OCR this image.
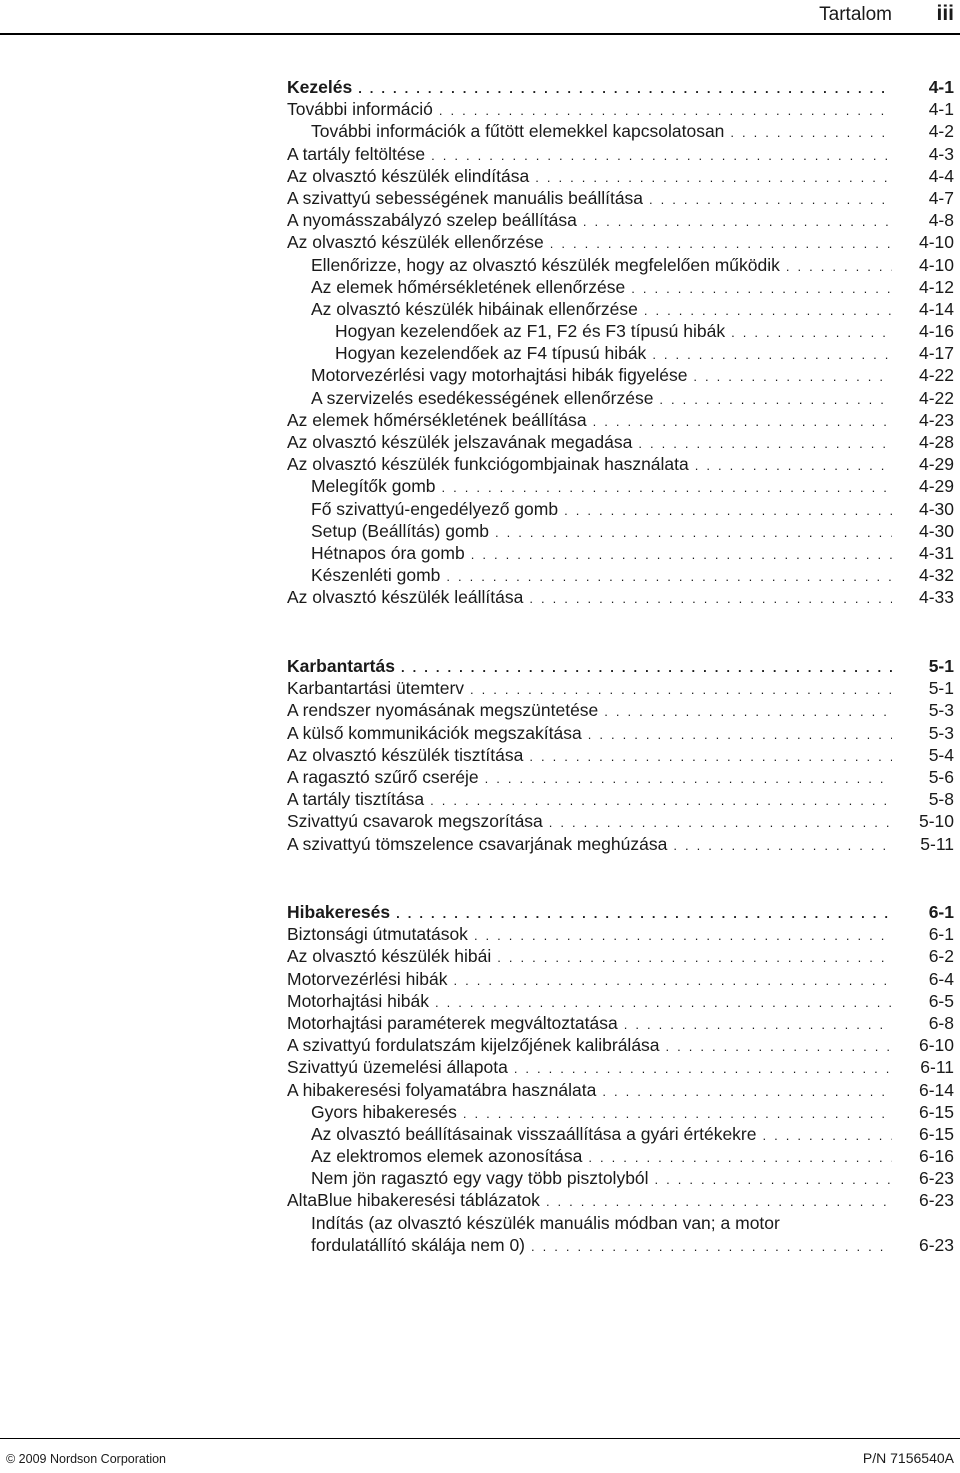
Tartalom iii
Kezelés . . .	4-1
További információ . . .	4-1
További információk a fűtött elemekkel kapcsolatosan . . .	4-2
A tartály feltöltése . . .	4-3
Az olvasztó készülék elindítása . . .	4-4
A szivattyú sebességének manuális beállítása . . .	4-7
A nyomásszabályzó szelep beállítása . . .	4-8
Az olvasztó készülék ellenőrzése . . .	4-10
Ellenőrizze, hogy az olvasztó készülék megfelelően működik . . .	4-10
Az elemek hőmérsékletének ellenőrzése . . .	4-12
Az olvasztó készülék hibáinak ellenőrzése . . .	4-14
Hogyan kezelendőek az F1, F2 és F3 típusú hibák . . .	4-16
Hogyan kezelendőek az F4 típusú hibák . . .	4-17
Motorvezérlési vagy motorhajtási hibák figyelése . . .	4-22
A szervizelés esedékességének ellenőrzése . . .	4-22
Az elemek hőmérsékletének beállítása . . .	4-23
Az olvasztó készülék jelszavának megadása . . .	4-28
Az olvasztó készülék funkciógombjainak használata . . .	4-29
Melegítők gomb . . .	4-29
Fő szivattyú-engedélyező gomb . . .	4-30
Setup (Beállítás) gomb . . .	4-30
Hétnapos óra gomb . . .	4-31
Készenléti gomb . . .	4-32
Az olvasztó készülék leállítása . . .	4-33
Karbantartás . . .	5-1
Karbantartási ütemterv . . .	5-1
A rendszer nyomásának megszüntetése . . .	5-3
A külső kommunikációk megszakítása . . .	5-3
Az olvasztó készülék tisztítása . . .	5-4
A ragasztó szűrő cseréje . . .	5-6
A tartály tisztítása . . .	5-8
Szivattyú csavarok megszorítása . . .	5-10
A szivattyú tömszelence csavarjának meghúzása . . .	5-11
Hibakeresés . . .	6-1
Biztonsági útmutatások . . .	6-1
Az olvasztó készülék hibái . . .	6-2
Motorvezérlési hibák . . .	6-4
Motorhajtási hibák . . .	6-5
Motorhajtási paraméterek megváltoztatása . . .	6-8
A szivattyú fordulatszám kijelzőjének kalibrálása . . .	6-10
Szivattyú üzemelési állapota . . .	6-11
A hibakeresési folyamatábra használata . . .	6-14
Gyors hibakeresés . . .	6-15
Az olvasztó beállításainak visszaállítása a gyári értékekre . . .	6-15
Az elektromos elemek azonosítása . . .	6-16
Nem jön ragasztó egy vagy több pisztolyból . . .	6-23
AltaBlue hibakeresési táblázatok . . .	6-23
Indítás (az olvasztó készülék manuális módban van; a motor
fordulatállító skálája nem 0) . . .	6-23
© 2009 Nordson Corporation	P/N 7156540A
